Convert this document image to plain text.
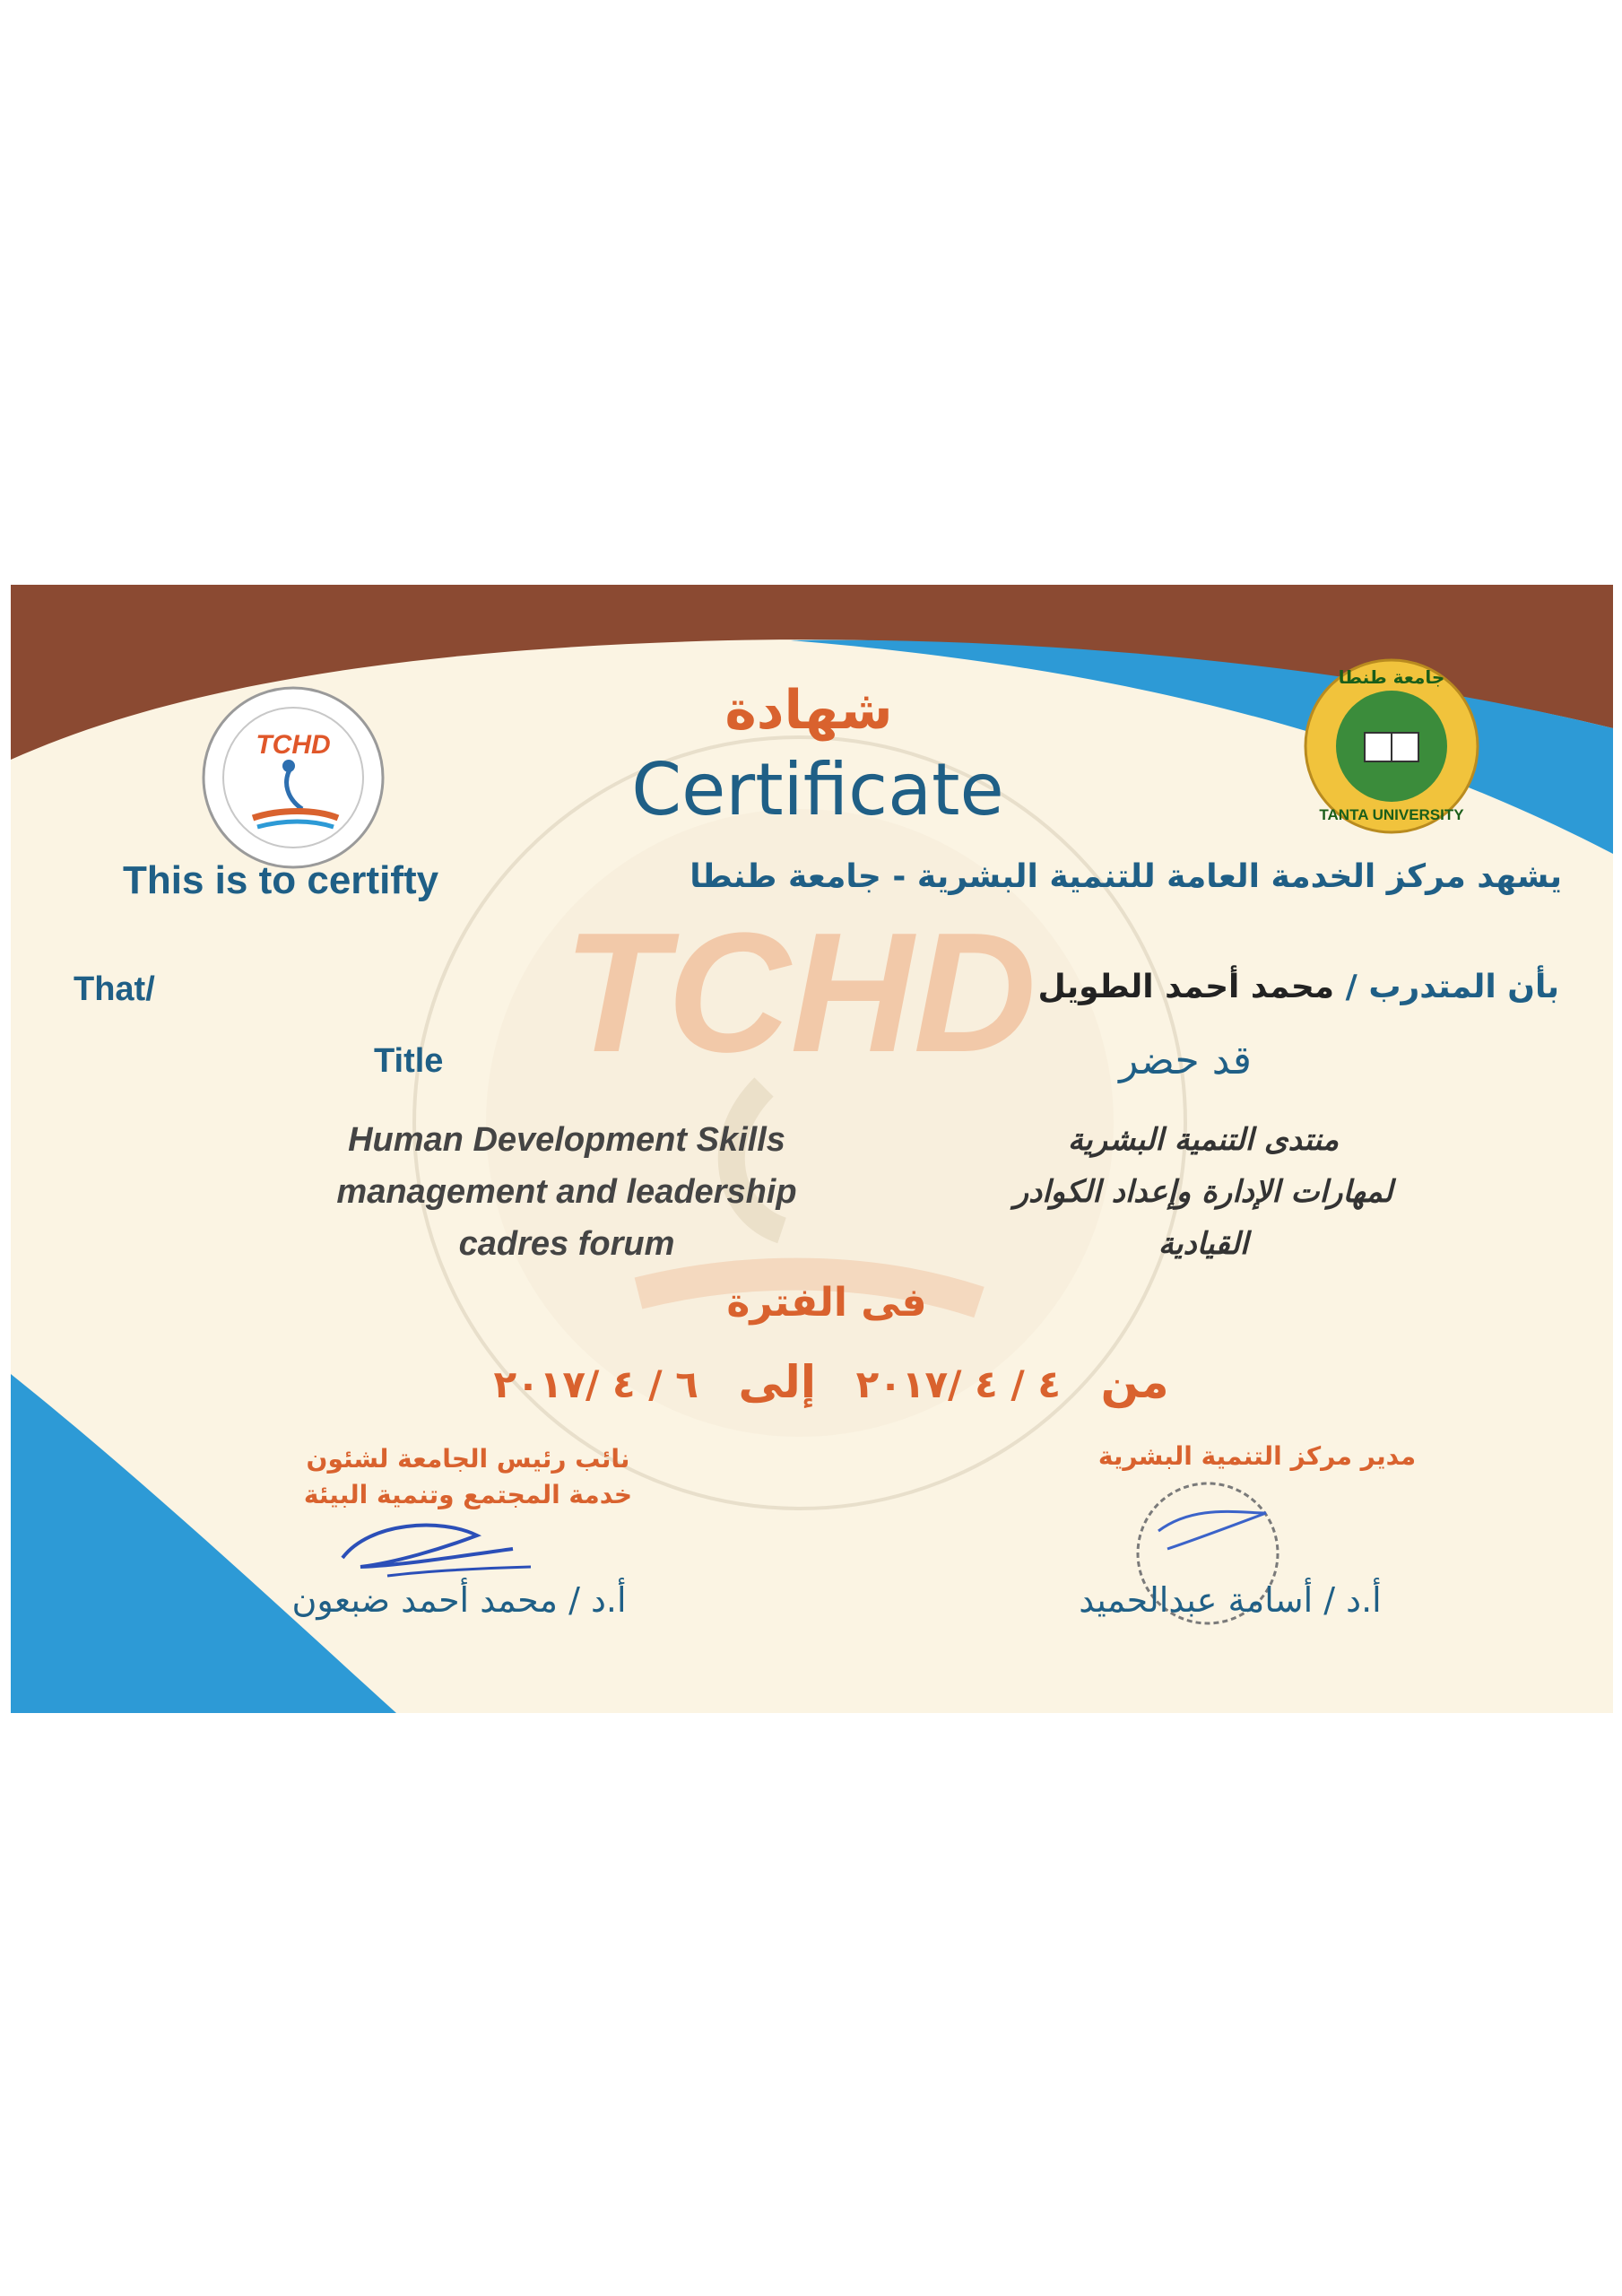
TCHD
TCHD
جامعة طنطا
TANTA UNIVERSITY
شهادة
Certificate
This is to certifty	يشهد مركز الخدمة العامة للتنمية البشرية - جامعة طنطا
That/	بأن المتدرب / محمد أحمد الطويل
Title	قد حضر
Human Development Skills
management and leadership
cadres forum
منتدى التنمية البشرية
لمهارات الإدارة وإعداد الكوادر
القيادية
فى الفترة
من ٤ / ٤ /٢٠١٧ إلى ٦ / ٤ /٢٠١٧
نائب رئيس الجامعة لشئون
خدمة المجتمع وتنمية البيئة
أ.د / محمد أحمد ضبعون
مدير مركز التنمية البشرية
أ.د / أسامة عبدالحميد
